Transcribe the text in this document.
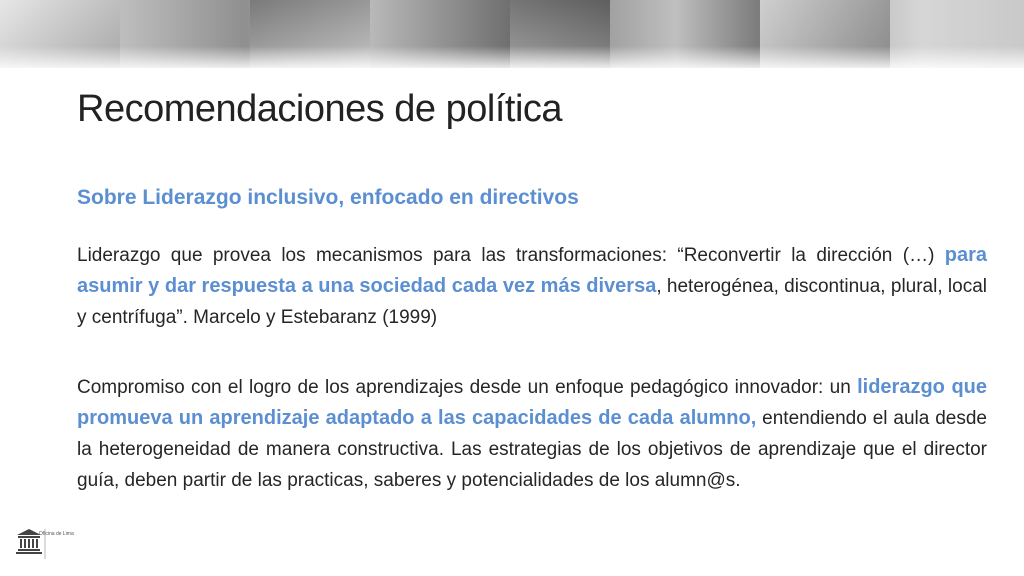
Recomendaciones de política
Sobre Liderazgo inclusivo, enfocado en directivos

Liderazgo que provea los mecanismos para las transformaciones: “Reconvertir la dirección (…) para asumir y dar respuesta a una sociedad cada vez más diversa, heterogénea, discontinua, plural, local y centrífuga”. Marcelo y Estebaranz (1999)

Compromiso con el logro de los aprendizajes desde un enfoque pedagógico innovador: un liderazgo que promueva un aprendizaje adaptado a las capacidades de cada alumno, entendiendo el aula desde la heterogeneidad de manera constructiva. Las estrategias de los objetivos de aprendizaje que el director guía, deben partir de las practicas, saberes y potencialidades de los alumn@s.

Oficina de Lima
